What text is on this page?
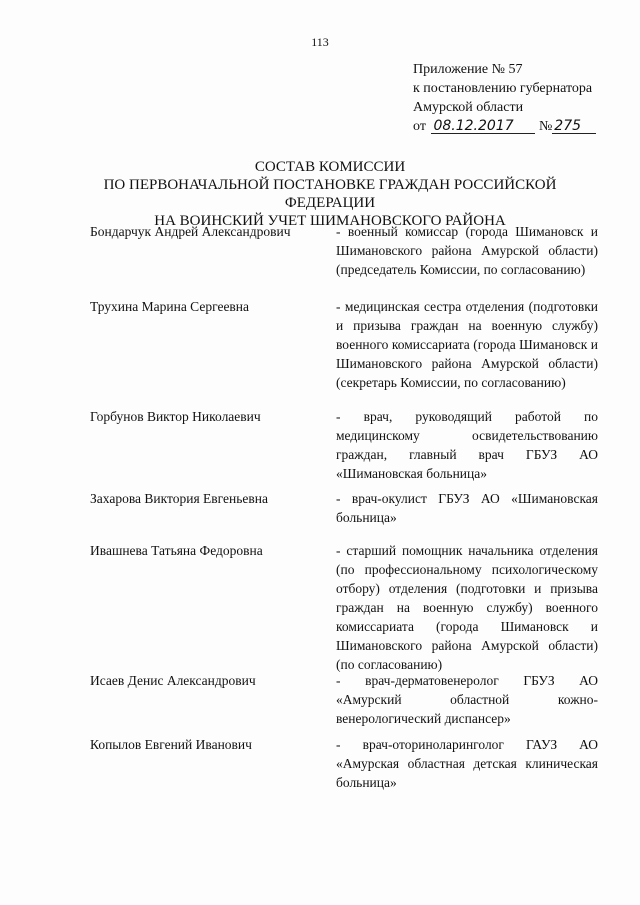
113
Приложение № 57
к постановлению губернатора
Амурской области
от 08.12.2017 № 275
СОСТАВ КОМИССИИ
ПО ПЕРВОНАЧАЛЬНОЙ ПОСТАНОВКЕ ГРАЖДАН РОССИЙСКОЙ ФЕДЕРАЦИИ
НА ВОИНСКИЙ УЧЕТ ШИМАНОВСКОГО РАЙОНА
Бондарчук Андрей Александрович	- военный комиссар (города Шимановск и Шимановского района Амурской области) (председатель Комиссии, по согласованию)
Трухина Марина Сергеевна	- медицинская сестра отделения (подготовки и призыва граждан на военную службу) военного комиссариата (города Шимановск и Шимановского района Амурской области) (секретарь Комиссии, по согласованию)
Горбунов Виктор Николаевич	- врач, руководящий работой по медицинскому освидетельствованию граждан, главный врач ГБУЗ АО «Шимановская больница»
Захарова Виктория Евгеньевна	- врач-окулист ГБУЗ АО «Шимановская больница»
Ивашнева Татьяна Федоровна	- старший помощник начальника отделения (по профессиональному психологическому отбору) отделения (подготовки и призыва граждан на военную службу) военного комиссариата (города Шимановск и Шимановского района Амурской области) (по согласованию)
Исаев Денис Александрович	- врач-дерматовенеролог ГБУЗ АО «Амурский областной кожно-венерологический диспансер»
Копылов Евгений Иванович	- врач-оториноларинголог ГАУЗ АО «Амурская областная детская клиническая больница»
